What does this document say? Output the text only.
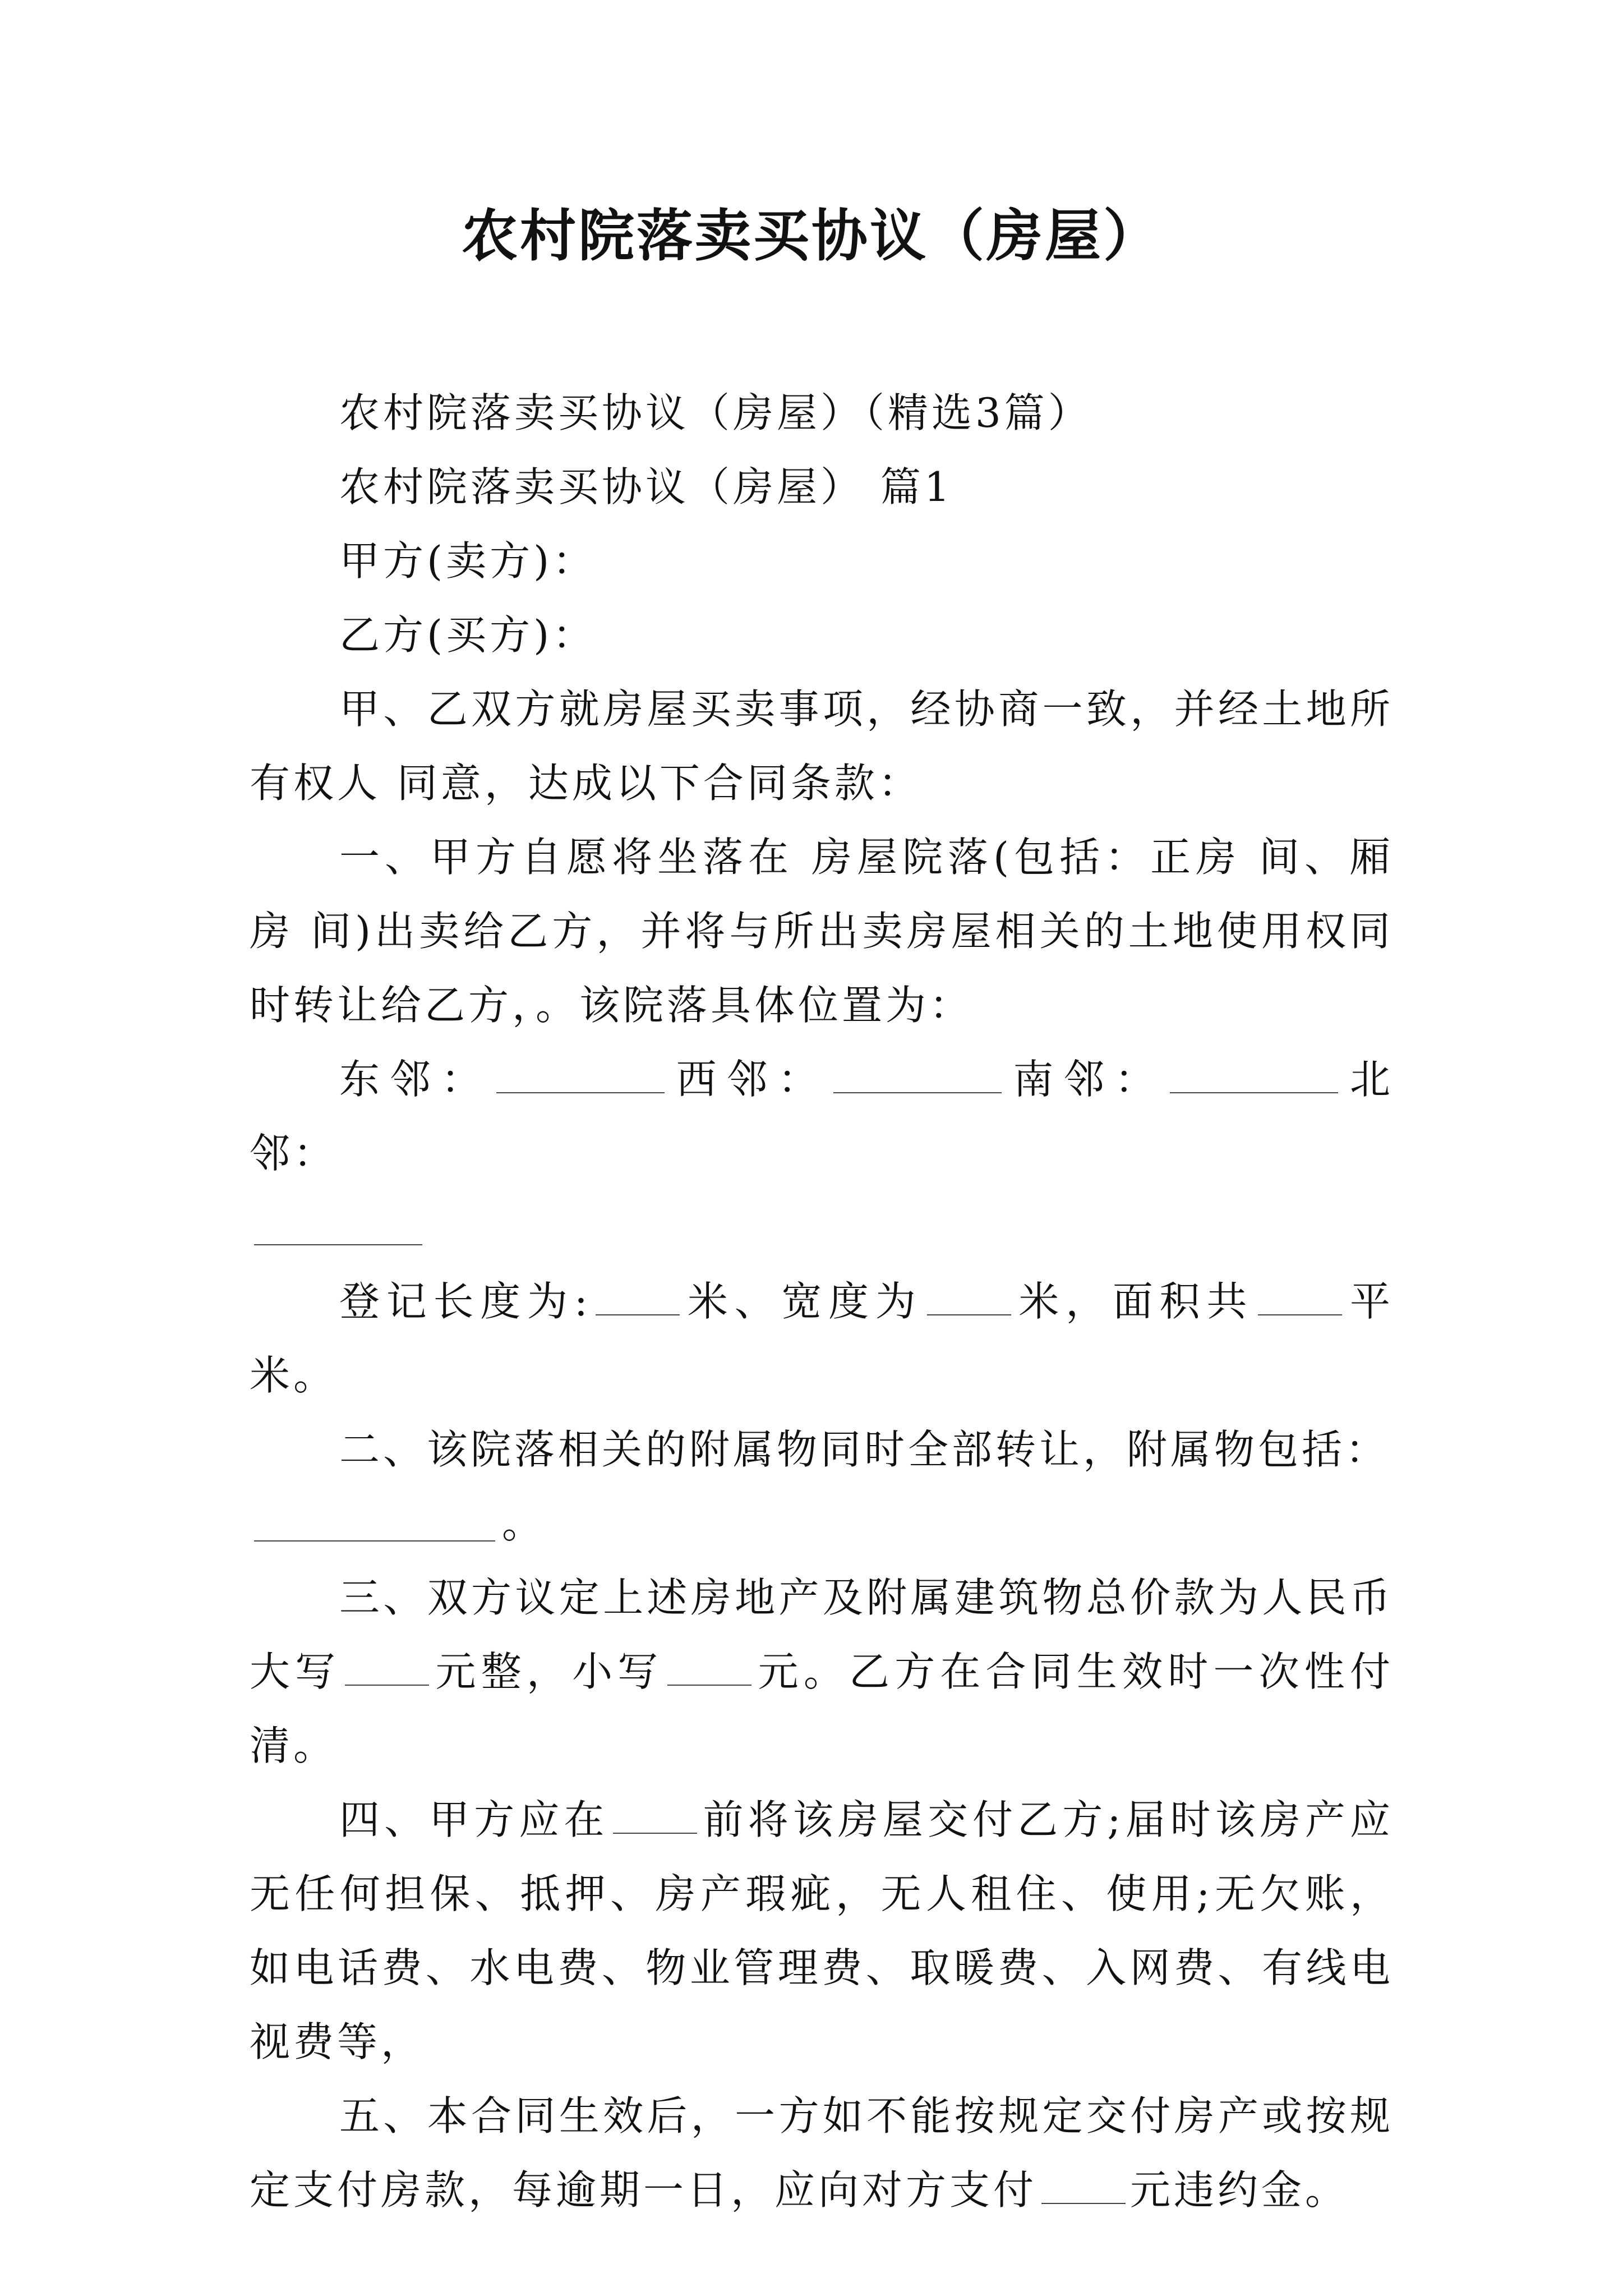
农村院落卖买协议（房屋）

农村院落卖买协议（房屋）（精选3篇）

农村院落卖买协议（房屋） 篇1

甲方(卖方)：

乙方(买方)：

甲、乙双方就房屋买卖事项，经协商一致，并经土地所有权人 同意，达成以下合同条款：

一、甲方自愿将坐落在 房屋院落(包括：正房 间、厢房 间)出卖给乙方，并将与所出卖房屋相关的土地使用权同时转让给乙方，。该院落具体位置为：

东邻：	西邻：	南邻：	北邻：

登记长度为: 米、宽度为 米，面积共 平米。

二、该院落相关的附属物同时全部转让，附属物包括：

。

三、双方议定上述房地产及附属建筑物总价款为人民币大写 元整，小写 元。乙方在合同生效时一次性付清。

四、甲方应在 前将该房屋交付乙方;届时该房产应无任何担保、抵押、房产瑕疵，无人租住、使用;无欠账，如电话费、水电费、物业管理费、取暖费、入网费、有线电视费等，

五、本合同生效后，一方如不能按规定交付房产或按规定支付房款，每逾期一日，应向对方支付 元违约金。
